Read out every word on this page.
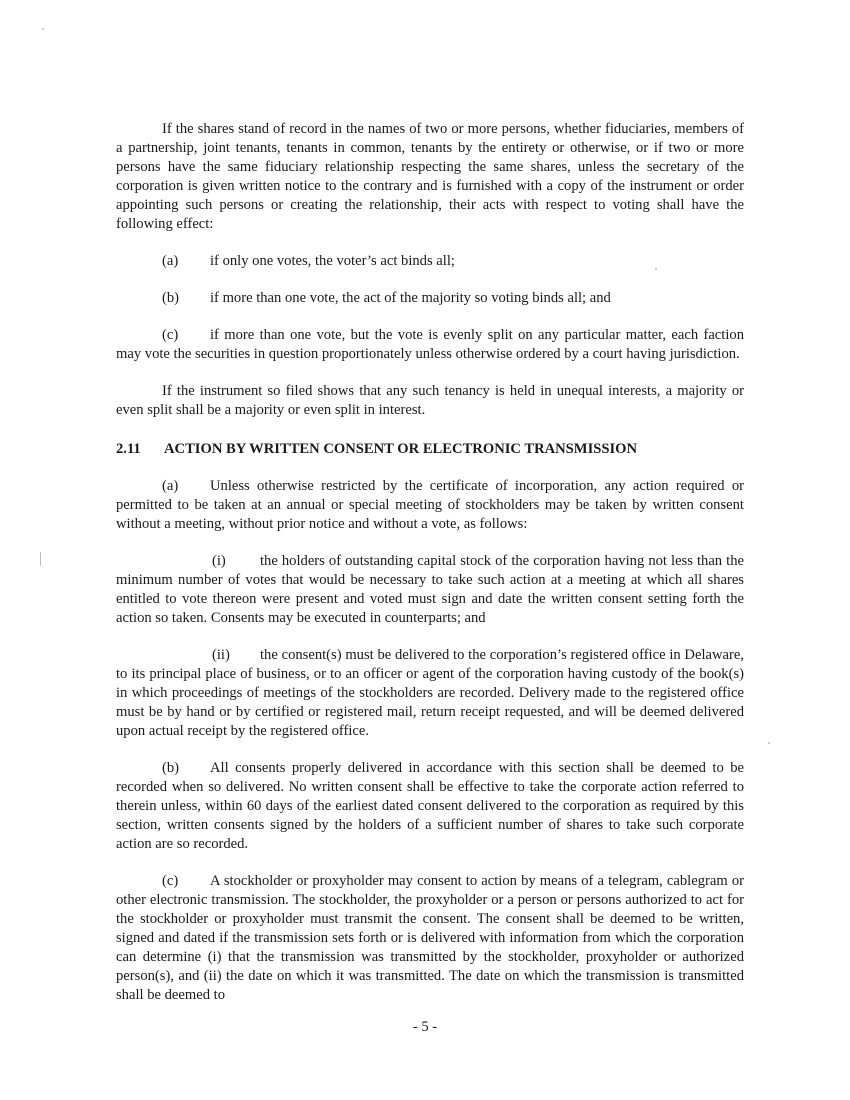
If the shares stand of record in the names of two or more persons, whether fiduciaries, members of a partnership, joint tenants, tenants in common, tenants by the entirety or otherwise, or if two or more persons have the same fiduciary relationship respecting the same shares, unless the secretary of the corporation is given written notice to the contrary and is furnished with a copy of the instrument or order appointing such persons or creating the relationship, their acts with respect to voting shall have the following effect:

(a)	if only one votes, the voter’s act binds all;
(b)	if more than one vote, the act of the majority so voting binds all; and

(c) if more than one vote, but the vote is evenly split on any particular matter, each faction may vote the securities in question proportionately unless otherwise ordered by a court having jurisdiction.

If the instrument so filed shows that any such tenancy is held in unequal interests, a majority or even split shall be a majority or even split in interest.

2.11	ACTION BY WRITTEN CONSENT OR ELECTRONIC TRANSMISSION

(a) Unless otherwise restricted by the certificate of incorporation, any action required or permitted to be taken at an annual or special meeting of stockholders may be taken by written consent without a meeting, without prior notice and without a vote, as follows:

(i) the holders of outstanding capital stock of the corporation having not less than the minimum number of votes that would be necessary to take such action at a meeting at which all shares entitled to vote thereon were present and voted must sign and date the written consent setting forth the action so taken. Consents may be executed in counterparts; and

(ii) the consent(s) must be delivered to the corporation’s registered office in Delaware, to its principal place of business, or to an officer or agent of the corporation having custody of the book(s) in which proceedings of meetings of the stockholders are recorded. Delivery made to the registered office must be by hand or by certified or registered mail, return receipt requested, and will be deemed delivered upon actual receipt by the registered office.

(b) All consents properly delivered in accordance with this section shall be deemed to be recorded when so delivered. No written consent shall be effective to take the corporate action referred to therein unless, within 60 days of the earliest dated consent delivered to the corporation as required by this section, written consents signed by the holders of a sufficient number of shares to take such corporate action are so recorded.

(c) A stockholder or proxyholder may consent to action by means of a telegram, cablegram or other electronic transmission. The stockholder, the proxyholder or a person or persons authorized to act for the stockholder or proxyholder must transmit the consent. The consent shall be deemed to be written, signed and dated if the transmission sets forth or is delivered with information from which the corporation can determine (i) that the transmission was transmitted by the stockholder, proxyholder or authorized person(s), and (ii) the date on which it was transmitted. The date on which the transmission is transmitted shall be deemed to

- 5 -
